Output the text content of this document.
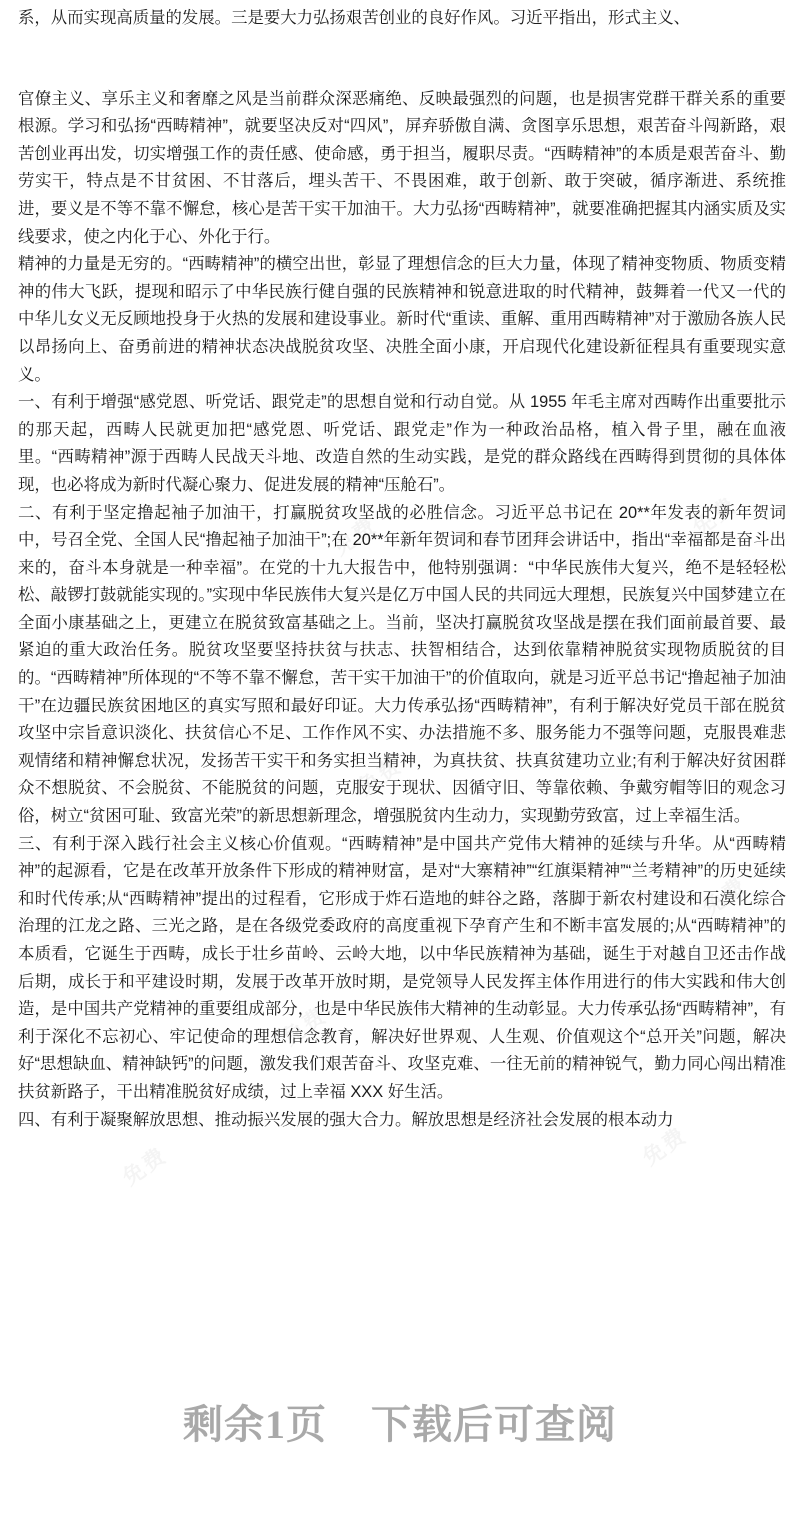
系，从而实现高质量的发展。三是要大力弘扬艰苦创业的良好作风。习近平指出，形式主义、

官僚主义、享乐主义和奢靡之风是当前群众深恶痛绝、反映最强烈的问题，也是损害党群干群关系的重要根源。学习和弘扬“西畴精神”，就要坚决反对“四风”，屏弃骄傲自满、贪图享乐思想，艰苦奋斗闯新路，艰苦创业再出发，切实增强工作的责任感、使命感，勇于担当，履职尽责。“西畴精神”的本质是艰苦奋斗、勤劳实干，特点是不甘贫困、不甘落后，埋头苦干、不畏困难，敢于创新、敢于突破，循序渐进、系统推进，要义是不等不靠不懈怠，核心是苦干实干加油干。大力弘扬“西畴精神”，就要准确把握其内涵实质及实线要求，使之内化于心、外化于行。

精神的力量是无穷的。“西畴精神”的横空出世，彰显了理想信念的巨大力量，体现了精神变物质、物质变精神的伟大飞跃，提现和昭示了中华民族行健自强的民族精神和锐意进取的时代精神，鼓舞着一代又一代的中华儿女义无反顾地投身于火热的发展和建设事业。新时代“重读、重解、重用西畴精神”对于激励各族人民以昂扬向上、奋勇前进的精神状态决战脱贫攻坚、决胜全面小康，开启现代化建设新征程具有重要现实意义。

一、有利于增强“感党恩、听党话、跟党走”的思想自觉和行动自觉。从 1955 年毛主席对西畴作出重要批示的那天起，西畴人民就更加把“感党恩、听党话、跟党走”作为一种政治品格，植入骨子里，融在血液里。“西畴精神”源于西畴人民战天斗地、改造自然的生动实践，是党的群众路线在西畴得到贯彻的具体体现，也必将成为新时代凝心聚力、促进发展的精神“压舱石”。

二、有利于坚定撸起袖子加油干，打赢脱贫攻坚战的必胜信念。习近平总书记在 20**年发表的新年贺词中，号召全党、全国人民“撸起袖子加油干”;在 20**年新年贺词和春节团拜会讲话中，指出“幸福都是奋斗出来的，奋斗本身就是一种幸福”。在党的十九大报告中，他特别强调：“中华民族伟大复兴，绝不是轻轻松松、敲锣打鼓就能实现的。”实现中华民族伟大复兴是亿万中国人民的共同远大理想，民族复兴中国梦建立在全面小康基础之上，更建立在脱贫致富基础之上。当前，坚决打赢脱贫攻坚战是摆在我们面前最首要、最紧迫的重大政治任务。脱贫攻坚要坚持扶贫与扶志、扶智相结合，达到依靠精神脱贫实现物质脱贫的目的。“西畴精神”所体现的“不等不靠不懈怠，苦干实干加油干”的价值取向，就是习近平总书记“撸起袖子加油干”在边疆民族贫困地区的真实写照和最好印证。大力传承弘扬“西畴精神”，有利于解决好党员干部在脱贫攻坚中宗旨意识淡化、扶贫信心不足、工作作风不实、办法措施不多、服务能力不强等问题，克服畏难悲观情绪和精神懈怠状况，发扬苦干实干和务实担当精神，为真扶贫、扶真贫建功立业;有利于解决好贫困群众不想脱贫、不会脱贫、不能脱贫的问题，克服安于现状、因循守旧、等靠依赖、争戴穷帽等旧的观念习俗，树立“贫困可耻、致富光荣”的新思想新理念，增强脱贫内生动力，实现勤劳致富，过上幸福生活。

三、有利于深入践行社会主义核心价值观。“西畴精神”是中国共产党伟大精神的延续与升华。从“西畴精神”的起源看，它是在改革开放条件下形成的精神财富，是对“大寨精神”“红旗渠精神”“兰考精神”的历史延续和时代传承;从“西畴精神”提出的过程看，它形成于炸石造地的蚌谷之路，落脚于新农村建设和石漠化综合治理的江龙之路、三光之路，是在各级党委政府的高度重视下孕育产生和不断丰富发展的;从“西畴精神”的本质看，它诞生于西畴，成长于壮乡苗岭、云岭大地，以中华民族精神为基础，诞生于对越自卫还击作战后期，成长于和平建设时期，发展于改革开放时期，是党领导人民发挥主体作用进行的伟大实践和伟大创造，是中国共产党精神的重要组成部分，也是中华民族伟大精神的生动彰显。大力传承弘扬“西畴精神”，有利于深化不忘初心、牢记使命的理想信念教育，解决好世界观、人生观、价值观这个“总开关”问题，解决好“思想缺血、精神缺钙”的问题，激发我们艰苦奋斗、攻坚克难、一往无前的精神锐气，勤力同心闯出精准扶贫新路子，干出精准脱贫好成绩，过上幸福 XXX 好生活。

四、有利于凝聚解放思想、推动振兴发展的强大合力。解放思想是经济社会发展的根本动力

剩余1页    下载后可查阅
